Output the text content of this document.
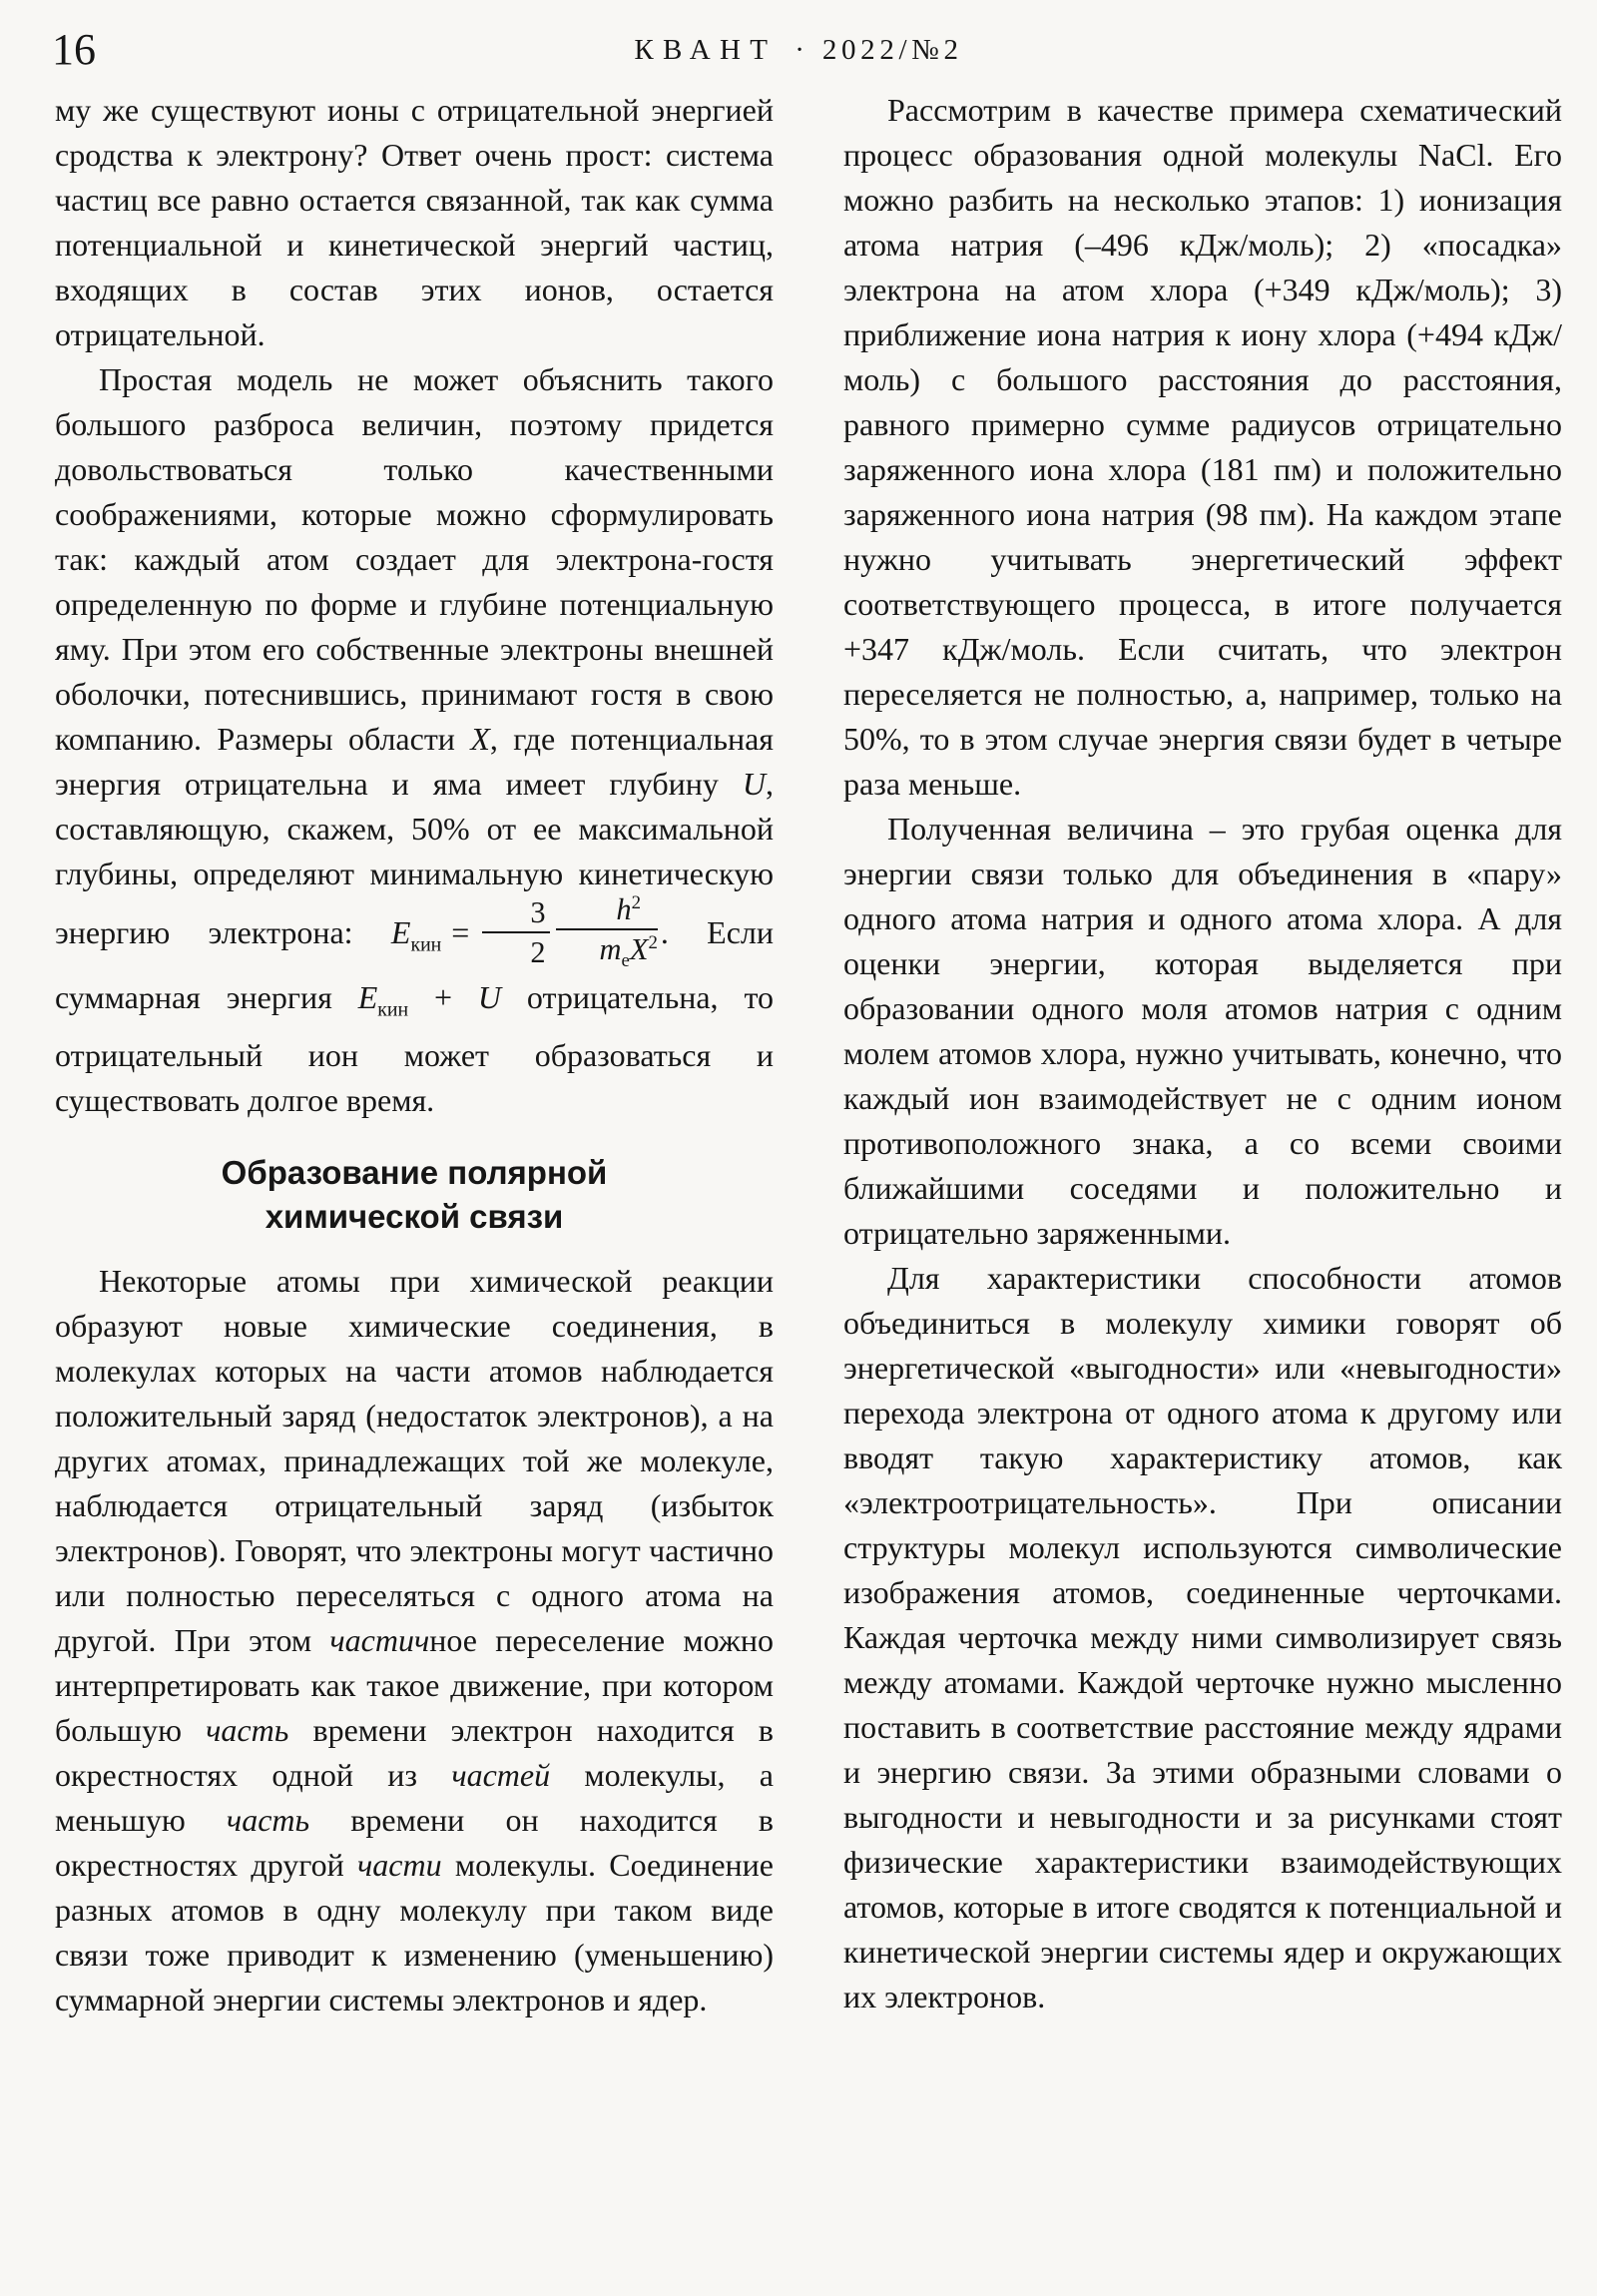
16	КВАНТ · 2022/№2

му же существуют ионы с отрицательной энергией сродства к электрону? Ответ очень прост: система частиц все равно остается связанной, так как сумма потенциальной и кинетической энергий частиц, входящих в состав этих ионов, остается отрицательной.

Простая модель не может объяснить такого большого разброса величин, поэтому придется довольствоваться только качественными соображениями, которые можно сформулировать так: каждый атом создает для электрона-гостя определенную по форме и глубине потенциальную яму. При этом его собственные электроны внешней оболочки, потеснившись, принимают гостя в свою компанию. Размеры области X, где потенциальная энергия отрицательна и яма имеет глубину U, составляющую, скажем, 50% от ее максимальной глубины, определяют минимальную кинетическую энергию электрона: $E_{кин} = \frac{3}{2} \frac{h^2}{m_eX^2}$ . Если суммарная энергия $E_{кин} + U$ отрицательна, то отрицательный ион может образоваться и существовать долгое время.

Образование полярной
химической связи

Некоторые атомы при химической реакции образуют новые химические соединения, в молекулах которых на части атомов наблюдается положительный заряд (недостаток электронов), а на других атомах, принадлежащих той же молекуле, наблюдается отрицательный заряд (избыток электронов). Говорят, что электроны могут частично или полностью переселяться с одного атома на другой. При этом частичное переселение можно интерпретировать как такое движение, при котором большую часть времени электрон находится в окрестностях одной из частей молекулы, а меньшую часть времени он находится в окрестностях другой части молекулы. Соединение разных атомов в одну молекулу при таком виде связи тоже приводит к изменению (уменьшению) суммарной энергии системы электронов и ядер.

Рассмотрим в качестве примера схематический процесс образования одной молекулы NaCl. Его можно разбить на несколько этапов: 1) ионизация атома натрия (–496 кДж/моль); 2) «посадка» электрона на атом хлора (+349 кДж/моль); 3) приближение иона натрия к иону хлора (+494 кДж/моль) с большого расстояния до расстояния, равного примерно сумме радиусов отрицательно заряженного иона хлора (181 пм) и положительно заряженного иона натрия (98 пм). На каждом этапе нужно учитывать энергетический эффект соответствующего процесса, в итоге получается +347 кДж/моль. Если считать, что электрон переселяется не полностью, а, например, только на 50%, то в этом случае энергия связи будет в четыре раза меньше.

Полученная величина – это грубая оценка для энергии связи только для объединения в «пару» одного атома натрия и одного атома хлора. А для оценки энергии, которая выделяется при образовании одного моля атомов натрия с одним молем атомов хлора, нужно учитывать, конечно, что каждый ион взаимодействует не с одним ионом противоположного знака, а со всеми своими ближайшими соседями и положительно и отрицательно заряженными.

Для характеристики способности атомов объединиться в молекулу химики говорят об энергетической «выгодности» или «невыгодности» перехода электрона от одного атома к другому или вводят такую характеристику атомов, как «электроотрицательность». При описании структуры молекул используются символические изображения атомов, соединенные черточками. Каждая черточка между ними символизирует связь между атомами. Каждой черточке нужно мысленно поставить в соответствие расстояние между ядрами и энергию связи. За этими образными словами о выгодности и невыгодности и за рисунками стоят физические характеристики взаимодействующих атомов, которые в итоге сводятся к потенциальной и кинетической энергии системы ядер и окружающих их электронов.
